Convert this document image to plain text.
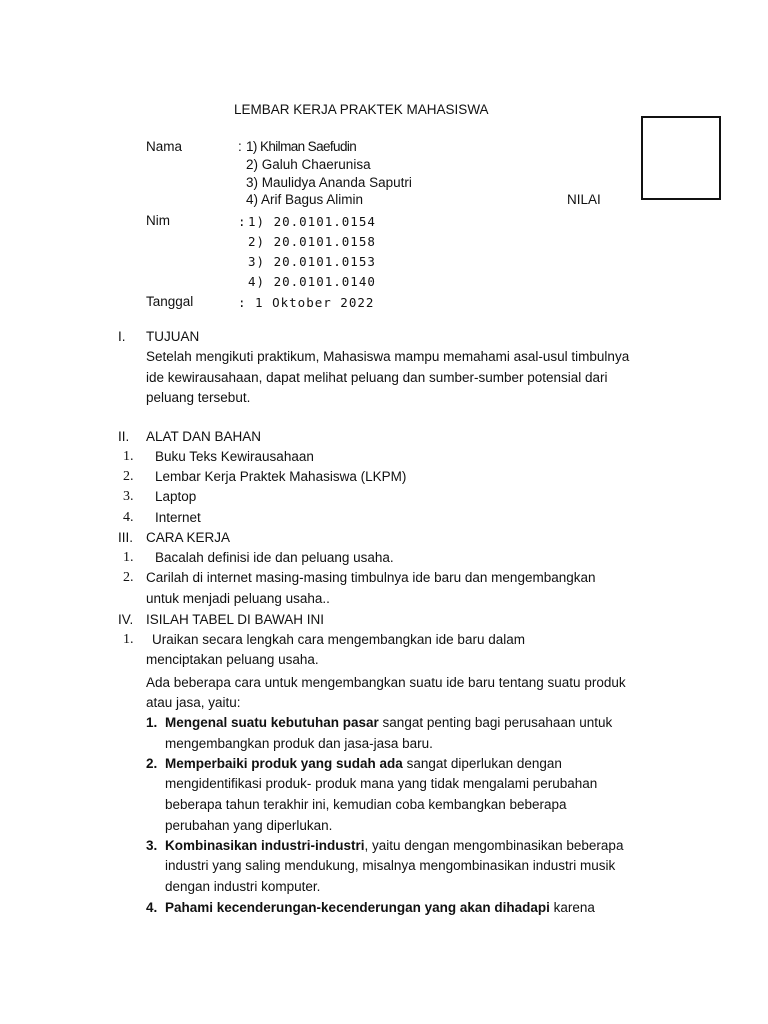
LEMBAR KERJA PRAKTEK MAHASISWA
NILAI
Nama	: 1) Khilman Saefudin
2) Galuh Chaerunisa
3) Maulidya Ananda Saputri
4) Arif Bagus Alimin
Nim	: 1) 20.0101.0154
2) 20.0101.0158
3) 20.0101.0153
4) 20.0101.0140
Tanggal	: 1 Oktober 2022
I. TUJUAN
Setelah mengikuti praktikum, Mahasiswa mampu memahami asal-usul timbulnya
ide kewirausahaan, dapat melihat peluang dan sumber-sumber potensial dari
peluang tersebut.
II. ALAT DAN BAHAN
1. Buku Teks Kewirausahaan
2. Lembar Kerja Praktek Mahasiswa (LKPM)
3. Laptop
4. Internet
III. CARA KERJA
1. Bacalah definisi ide dan peluang usaha.
2. Carilah di internet masing-masing timbulnya ide baru dan mengembangkan
untuk menjadi peluang usaha..
IV. ISILAH TABEL DI BAWAH INI
1. Uraikan secara lengkah cara mengembangkan ide baru dalam
menciptakan peluang usaha.
Ada beberapa cara untuk mengembangkan suatu ide baru tentang suatu produk
atau jasa, yaitu:
1. Mengenal suatu kebutuhan pasar sangat penting bagi perusahaan untuk
mengembangkan produk dan jasa-jasa baru.
2. Memperbaiki produk yang sudah ada sangat diperlukan dengan
mengidentifikasi produk- produk mana yang tidak mengalami perubahan
beberapa tahun terakhir ini, kemudian coba kembangkan beberapa
perubahan yang diperlukan.
3. Kombinasikan industri-industri, yaitu dengan mengombinasikan beberapa
industri yang saling mendukung, misalnya mengombinasikan industri musik
dengan industri komputer.
4. Pahami kecenderungan-kecenderungan yang akan dihadapi karena
